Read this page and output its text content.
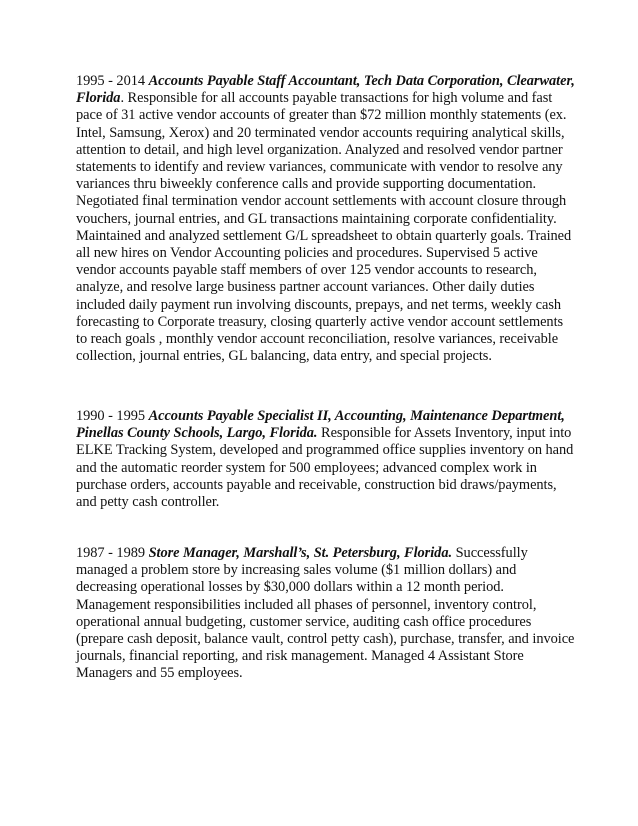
1995 - 2014 Accounts Payable Staff Accountant, Tech Data Corporation, Clearwater, Florida. Responsible for all accounts payable transactions for high volume and fast pace of 31 active vendor accounts of greater than $72 million monthly statements (ex. Intel, Samsung, Xerox) and 20 terminated vendor accounts requiring analytical skills, attention to detail, and high level organization. Analyzed and resolved vendor partner statements to identify and review variances, communicate with vendor to resolve any variances thru biweekly conference calls and provide supporting documentation. Negotiated final termination vendor account settlements with account closure through vouchers, journal entries, and GL transactions maintaining corporate confidentiality. Maintained and analyzed settlement G/L spreadsheet to obtain quarterly goals. Trained all new hires on Vendor Accounting policies and procedures. Supervised 5 active vendor accounts payable staff members of over 125 vendor accounts to research, analyze, and resolve large business partner account variances. Other daily duties included daily payment run involving discounts, prepays, and net terms, weekly cash forecasting to Corporate treasury, closing quarterly active vendor account settlements to reach goals , monthly vendor account reconciliation, resolve variances, receivable collection, journal entries, GL balancing, data entry, and special projects.

1990 - 1995 Accounts Payable Specialist II, Accounting, Maintenance Department, Pinellas County Schools, Largo, Florida. Responsible for Assets Inventory, input into ELKE Tracking System, developed and programmed office supplies inventory on hand and the automatic reorder system for 500 employees; advanced complex work in purchase orders, accounts payable and receivable, construction bid draws/payments, and petty cash controller.

1987 - 1989 Store Manager, Marshall’s, St. Petersburg, Florida. Successfully managed a problem store by increasing sales volume ($1 million dollars) and decreasing operational losses by $30,000 dollars within a 12 month period. Management responsibilities included all phases of personnel, inventory control, operational annual budgeting, customer service, auditing cash office procedures (prepare cash deposit, balance vault, control petty cash), purchase, transfer, and invoice journals, financial reporting, and risk management. Managed 4 Assistant Store Managers and 55 employees.
